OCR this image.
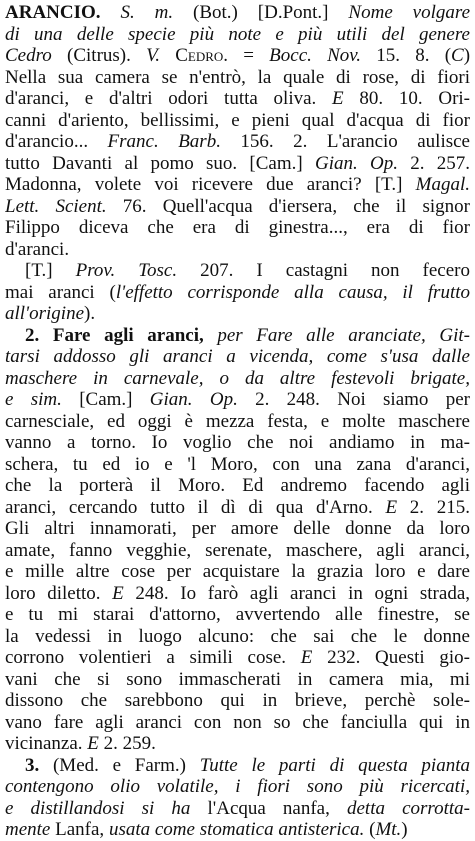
ARANCIO. S. m. (Bot.) [D.Pont.] Nome volgare
di una delle specie più note e più utili del genere
Cedro (Citrus). V. Cedro. = Bocc. Nov. 15. 8. (C)
Nella sua camera se n'entrò, la quale di rose, di fiori
d'aranci, e d'altri odori tutta oliva. E 80. 10. Ori-
canni d'ariento, bellissimi, e pieni qual d'acqua di fior
d'arancio... Franc. Barb. 156. 2. L'arancio aulisce
tutto Davanti al pomo suo. [Cam.] Gian. Op. 2. 257.
Madonna, volete voi ricevere due aranci? [T.] Magal.
Lett. Scient. 76. Quell'acqua d'iersera, che il signor
Filippo diceva che era di ginestra..., era di fior
d'aranci.
[T.] Prov. Tosc. 207. I castagni non fecero
mai aranci (l'effetto corrisponde alla causa, il frutto
all'origine).
2. Fare agli aranci, per Fare alle aranciate, Git-
tarsi addosso gli aranci a vicenda, come s'usa dalle
maschere in carnevale, o da altre festevoli brigate,
e sim. [Cam.] Gian. Op. 2. 248. Noi siamo per
carnesciale, ed oggi è mezza festa, e molte maschere
vanno a torno. Io voglio che noi andiamo in ma-
schera, tu ed io e 'l Moro, con una zana d'aranci,
che la porterà il Moro. Ed andremo facendo agli
aranci, cercando tutto il dì di qua d'Arno. E 2. 215.
Gli altri innamorati, per amore delle donne da loro
amate, fanno vegghie, serenate, maschere, agli aranci,
e mille altre cose per acquistare la grazia loro e dare
loro diletto. E 248. Io farò agli aranci in ogni strada,
e tu mi starai d'attorno, avvertendo alle finestre, se
la vedessi in luogo alcuno: che sai che le donne
corrono volentieri a simili cose. E 232. Questi gio-
vani che si sono immascherati in camera mia, mi
dissono che sarebbono qui in brieve, perchè sole-
vano fare agli aranci con non so che fanciulla qui in
vicinanza. E 2. 259.
3. (Med. e Farm.) Tutte le parti di questa pianta
contengono olio volatile, i fiori sono più ricercati,
e distillandosi si ha l'Acqua nanfa, detta corrotta-
mente Lanfa, usata come stomatica antisterica. (Mt.)
